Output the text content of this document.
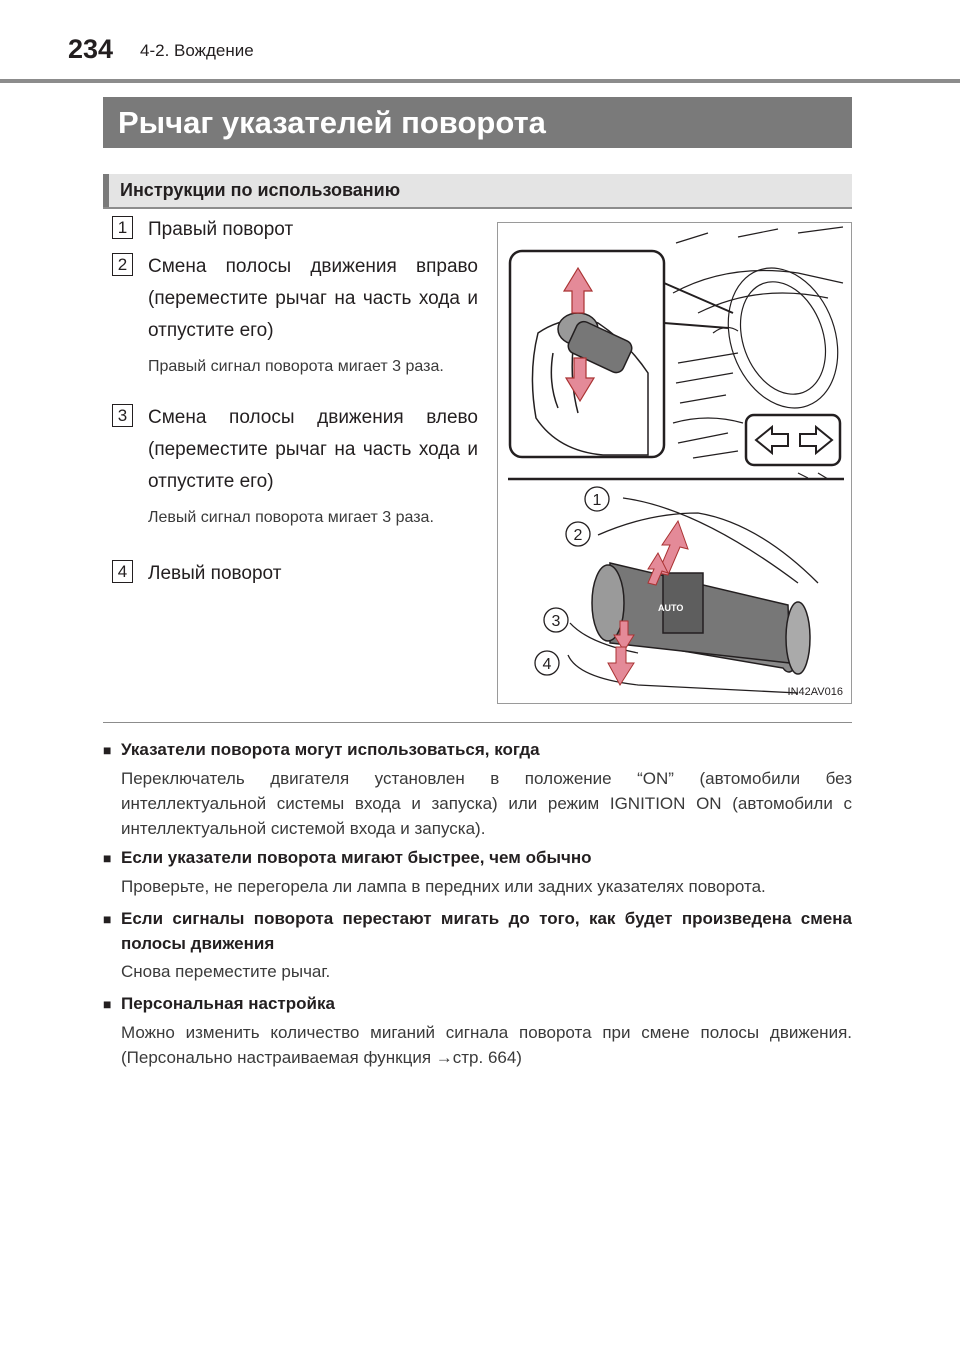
234 4-2. Вождение
Рычаг указателей поворота
Инструкции по использованию
1	Правый поворот
2	Смена полосы движения вправо (переместите рычаг на часть хода и отпустите его)
Правый сигнал поворота мигает 3 раза.
3	Смена полосы движения влево (переместите рычаг на часть хода и отпустите его)
Левый сигнал поворота мигает 3 раза.
4	Левый поворот
AUTO
1
2
3
4
IN42AV016
■ Указатели поворота могут использоваться, когда
Переключатель двигателя установлен в положение “ON” (автомобили без интеллектуальной системы входа и запуска) или режим IGNITION ON (автомобили с интеллектуальной системой входа и запуска).
■ Если указатели поворота мигают быстрее, чем обычно
Проверьте, не перегорела ли лампа в передних или задних указателях поворота.
■ Если сигналы поворота перестают мигать до того, как будет произведена смена полосы движения
Снова переместите рычаг.
■ Персональная настройка
Можно изменить количество миганий сигнала поворота при смене полосы движения. (Персонально настраиваемая функция →стр. 664)
